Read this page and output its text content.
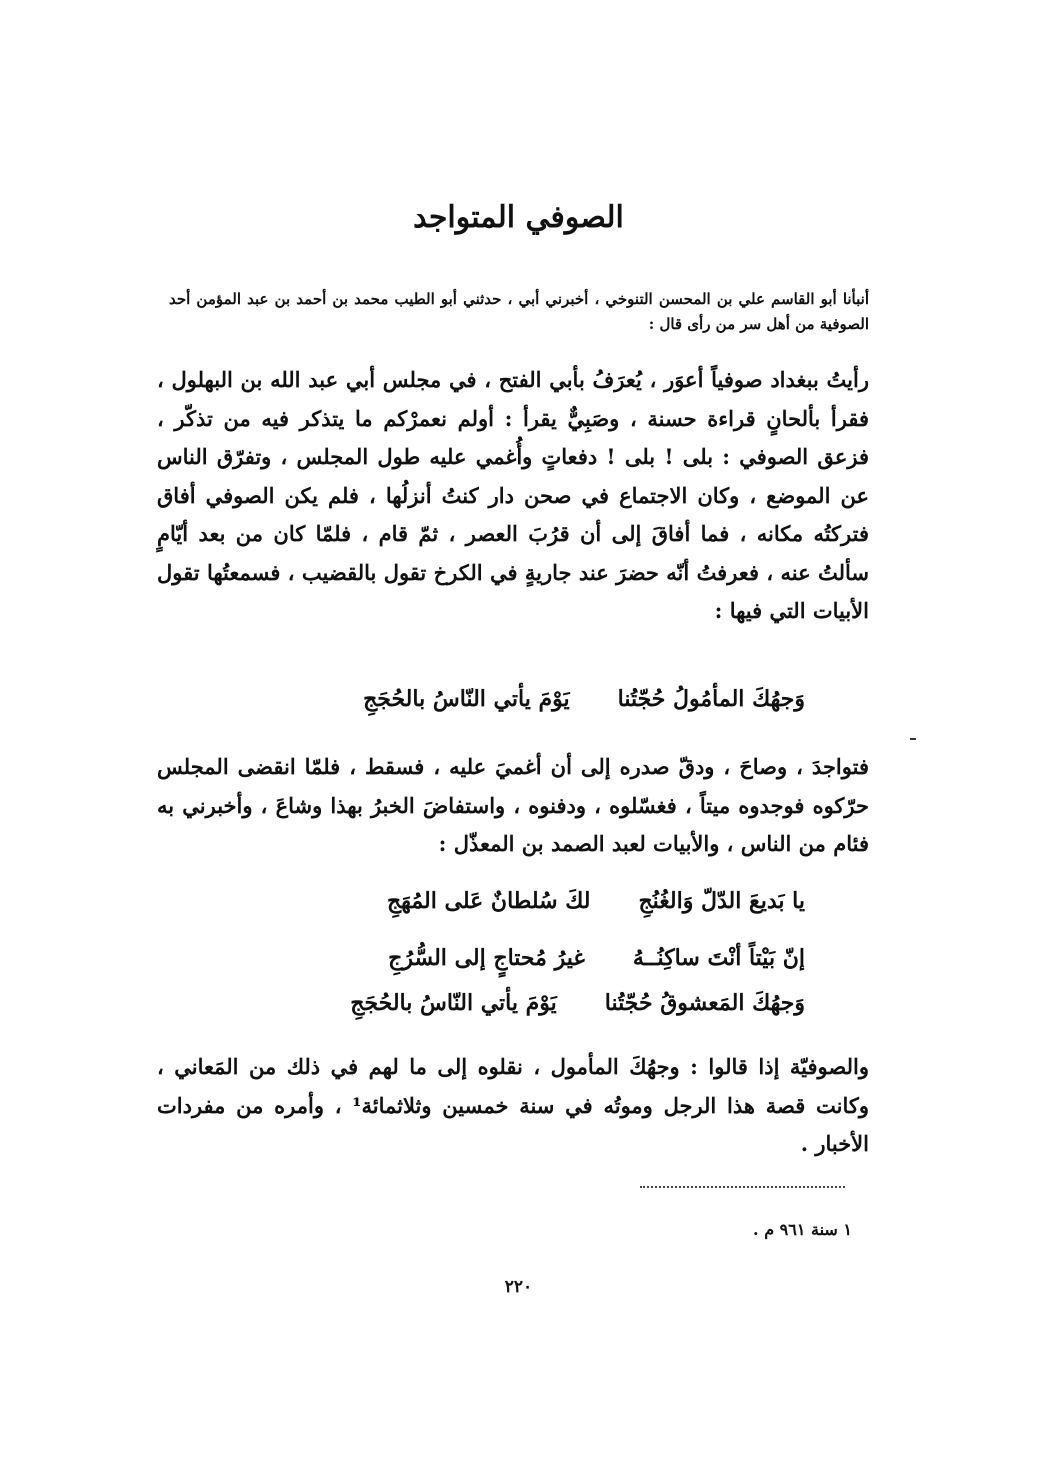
الصوفي المتواجد
أنبأنا أبو القاسم علي بن المحسن التنوخي ، أخبرني أبي ، حدثني أبو الطيب محمد بن أحمد بن عبد المؤمن أحد الصوفية من أهل سر من رأى قال :
رأيتُ ببغداد صوفياً أعوَر ، يُعرَفُ بأبي الفتح ، في مجلس أبي عبد الله بن البهلول ، فقرأ بألحانٍ قراءة حسنة ، وصَبِيٌّ يقرأ : أولم نعمرْكم ما يتذكر فيه من تذكّر ، فزعق الصوفي : بلى ! بلى ! دفعاتٍ وأُغمي عليه طول المجلس ، وتفرّق الناس عن الموضع ، وكان الاجتماع في صحن دار كنتُ أنزلُها ، فلم يكن الصوفي أفاق فتركتُه مكانه ، فما أفاقَ إلى أن قرُبَ العصر ، ثمّ قام ، فلمّا كان من بعد أيّامٍ سألتُ عنه ، فعرفتُ أنّه حضرَ عند جاريةٍ في الكرخ تقول بالقضيب ، فسمعتُها تقول الأبيات التي فيها :
وَجهُكَ المأمُولُ حُجّتُنا
يَوْمَ يأتي النّاسُ بالحُجَجِ
فتواجدَ ، وصاحَ ، ودقّ صدره إلى أن أغميَ عليه ، فسقط ، فلمّا انقضى المجلس حرّكوه فوجدوه ميتاً ، فغسّلوه ، ودفنوه ، واستفاضَ الخبرُ بهذا وشاعَ ، وأخبرني به فئام من الناس ، والأبيات لعبد الصمد بن المعذّل :
يا بَديعَ الدّلّ وَالغُنُجِ
لكَ سُلطانٌ عَلى المُهَجِ
إنّ بَيْتاً أنْتَ ساكِنُــهُ
غيرُ مُحتاجٍ إلى السُّرُجِ
وَجهُكَ المَعشوقُ حُجّتُنا
يَوْمَ يأتي النّاسُ بالحُجَجِ
والصوفيّة إذا قالوا : وجهُكَ المأمول ، نقلوه إلى ما لهم في ذلك من المَعاني ، وكانت قصة هذا الرجل وموتُه في سنة خمسين وثلاثمائة¹ ، وأمره من مفردات الأخبار .
١ سنة ٩٦١ م .
٢٢٠
